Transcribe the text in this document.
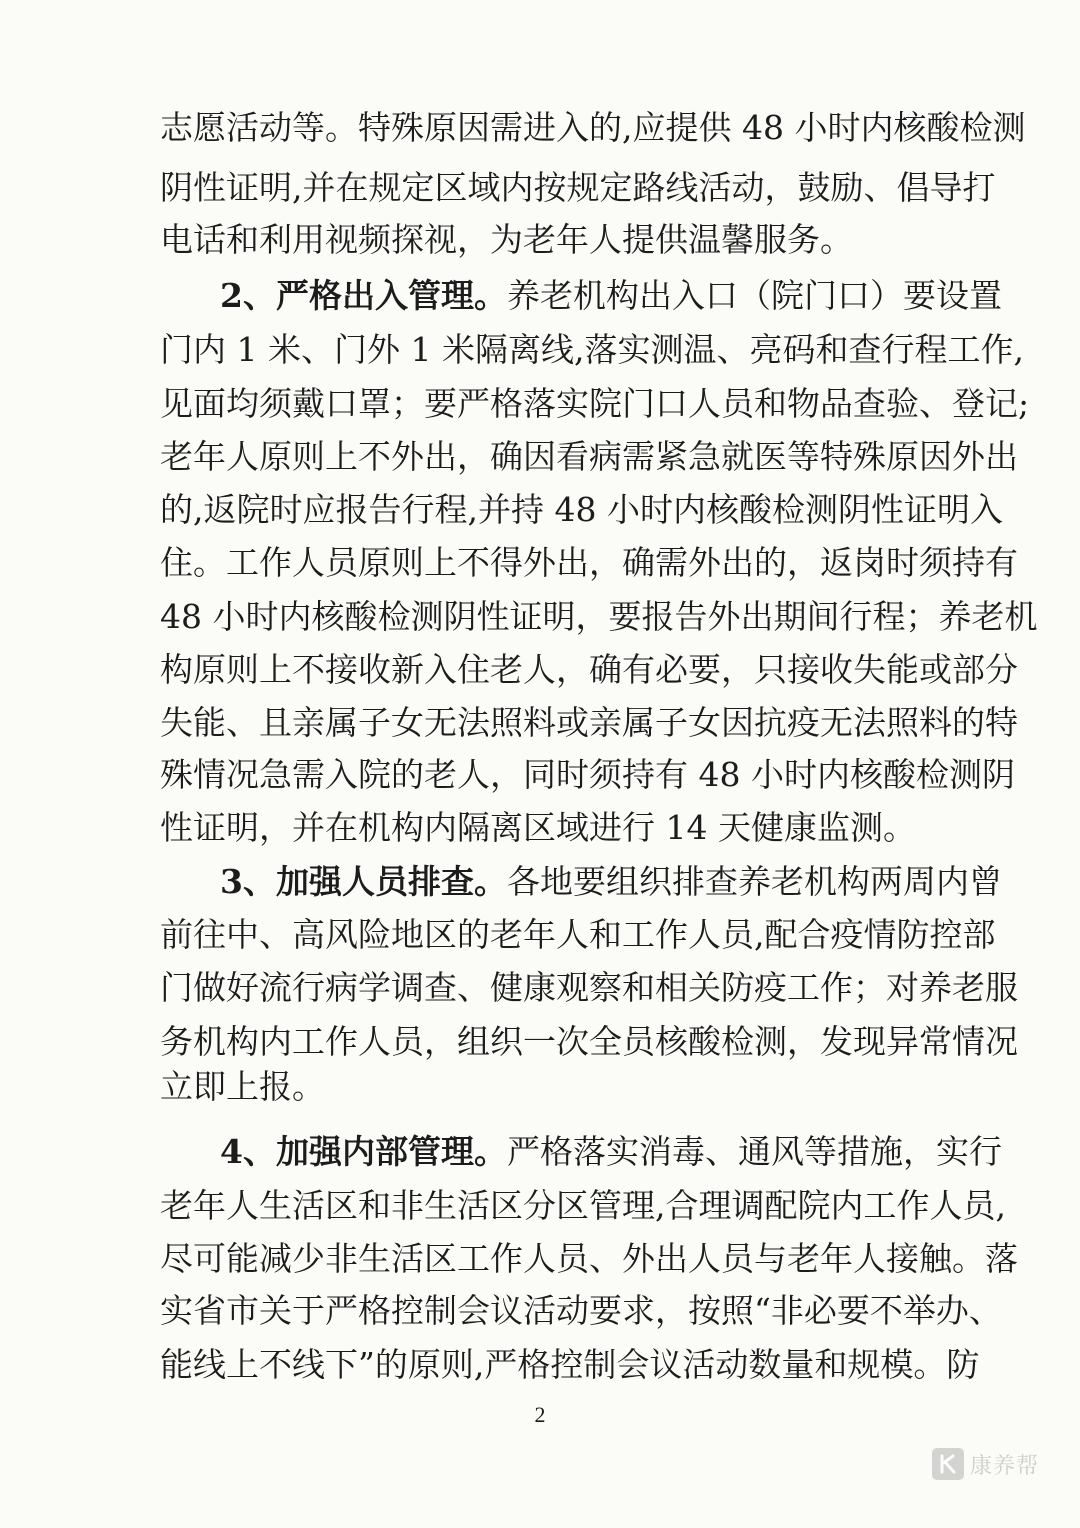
志愿活动等。特殊原因需进入的,应提供 48 小时内核酸检测
阴性证明,并在规定区域内按规定路线活动，鼓励、倡导打
电话和利用视频探视，为老年人提供温馨服务。
2、严格出入管理。养老机构出入口（院门口）要设置
门内 1 米、门外 1 米隔离线,落实测温、亮码和查行程工作,
见面均须戴口罩；要严格落实院门口人员和物品查验、登记;
老年人原则上不外出，确因看病需紧急就医等特殊原因外出
的,返院时应报告行程,并持 48 小时内核酸检测阴性证明入
住。工作人员原则上不得外出，确需外出的，返岗时须持有
48 小时内核酸检测阴性证明，要报告外出期间行程；养老机
构原则上不接收新入住老人，确有必要，只接收失能或部分
失能、且亲属子女无法照料或亲属子女因抗疫无法照料的特
殊情况急需入院的老人，同时须持有 48 小时内核酸检测阴
性证明，并在机构内隔离区域进行 14 天健康监测。
3、加强人员排查。各地要组织排查养老机构两周内曾
前往中、高风险地区的老年人和工作人员,配合疫情防控部
门做好流行病学调查、健康观察和相关防疫工作；对养老服
务机构内工作人员，组织一次全员核酸检测，发现异常情况
立即上报。
4、加强内部管理。严格落实消毒、通风等措施，实行
老年人生活区和非生活区分区管理,合理调配院内工作人员,
尽可能减少非生活区工作人员、外出人员与老年人接触。落
实省市关于严格控制会议活动要求，按照“非必要不举办、
能线上不线下”的原则,严格控制会议活动数量和规模。防
2
康养帮
